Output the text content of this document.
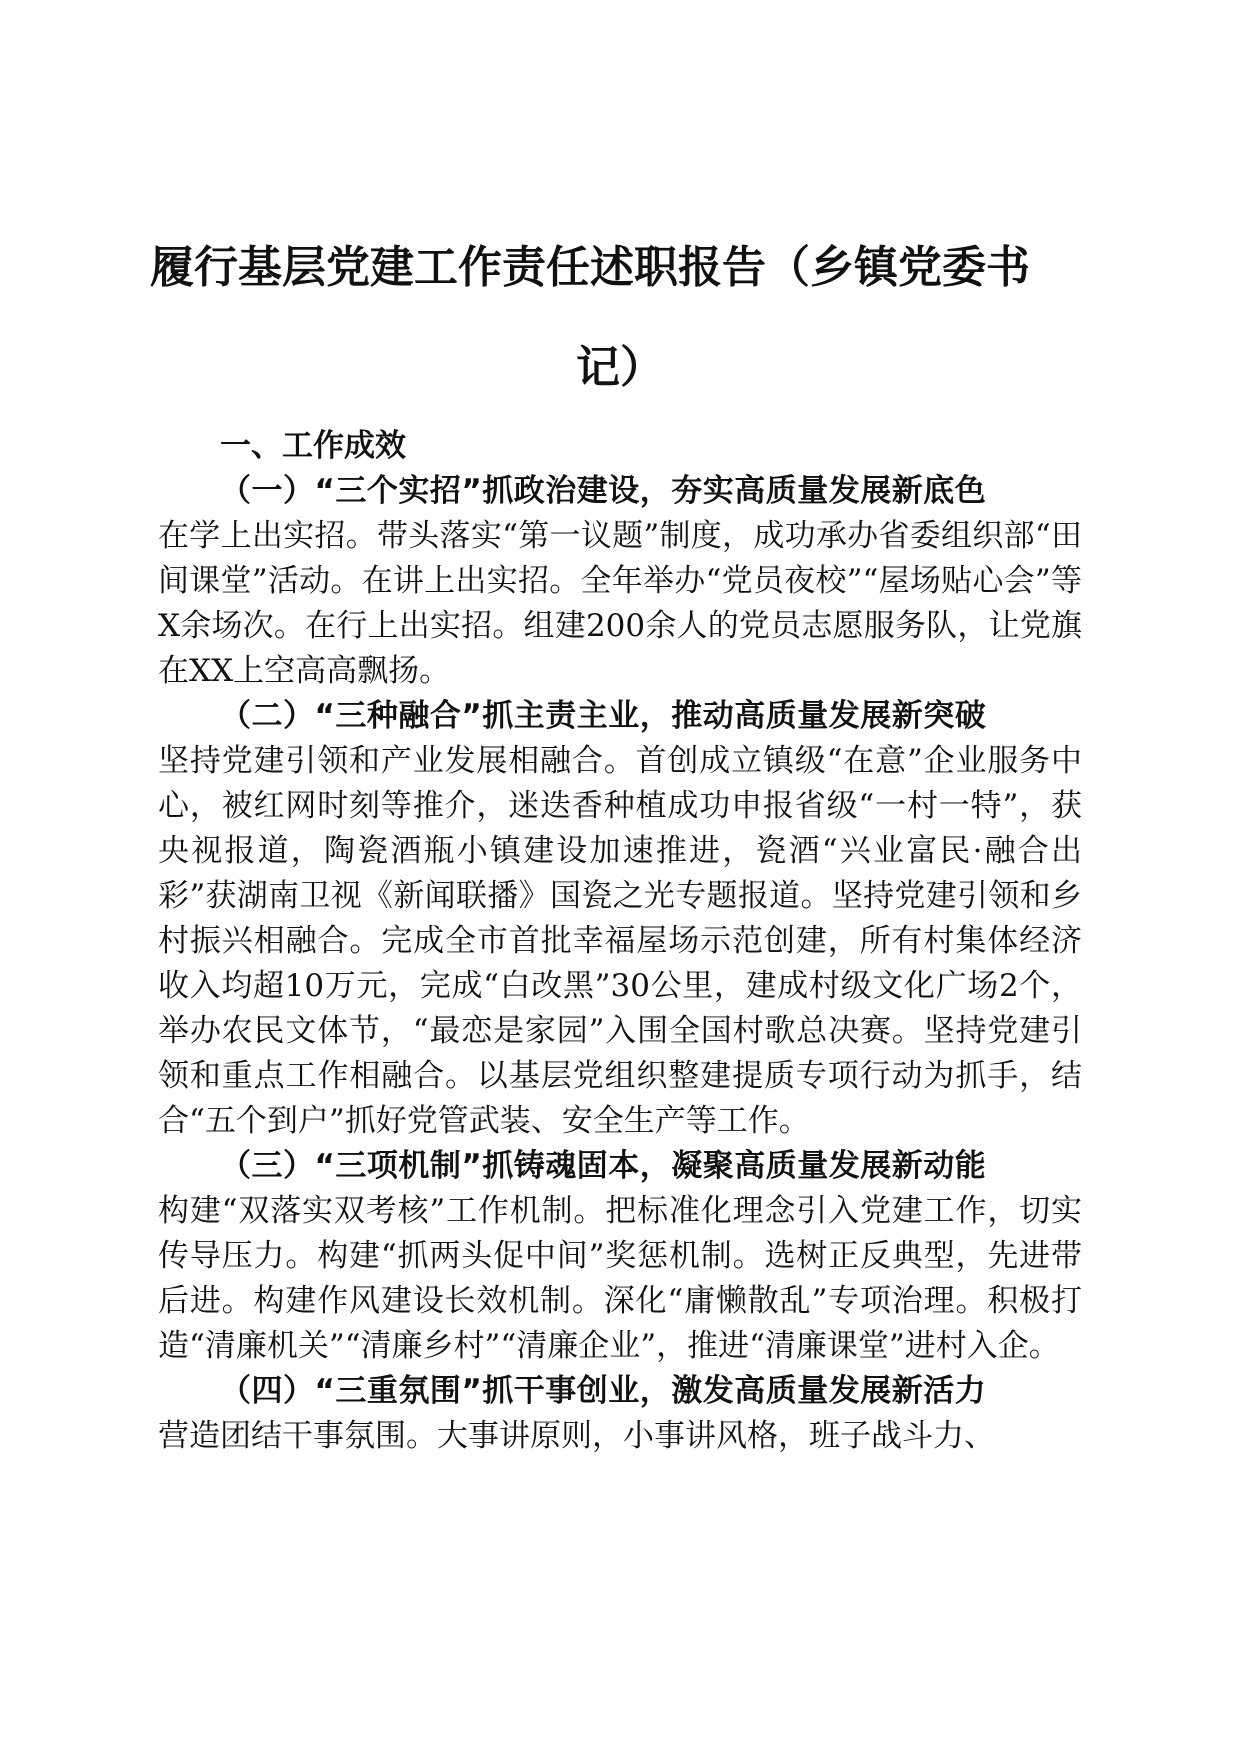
履行基层党建工作责任述职报告（乡镇党委书
记）

一、工作成效

（一）“三个实招”抓政治建设，夯实高质量发展新底色

在学上出实招。带头落实“第一议题”制度，成功承办省委组织部“田间课堂”活动。在讲上出实招。全年举办“党员夜校”“屋场贴心会”等X余场次。在行上出实招。组建200余人的党员志愿服务队，让党旗在XX上空高高飘扬。

（二）“三种融合”抓主责主业，推动高质量发展新突破

坚持党建引领和产业发展相融合。首创成立镇级“在意”企业服务中心，被红网时刻等推介，迷迭香种植成功申报省级“一村一特”，获央视报道，陶瓷酒瓶小镇建设加速推进，瓷酒“兴业富民·融合出彩”获湖南卫视《新闻联播》国瓷之光专题报道。坚持党建引领和乡村振兴相融合。完成全市首批幸福屋场示范创建，所有村集体经济收入均超10万元，完成“白改黑”30公里，建成村级文化广场2个，举办农民文体节，“最恋是家园”入围全国村歌总决赛。坚持党建引领和重点工作相融合。以基层党组织整建提质专项行动为抓手，结合“五个到户”抓好党管武装、安全生产等工作。

（三）“三项机制”抓铸魂固本，凝聚高质量发展新动能

构建“双落实双考核”工作机制。把标准化理念引入党建工作，切实传导压力。构建“抓两头促中间”奖惩机制。选树正反典型，先进带后进。构建作风建设长效机制。深化“庸懒散乱”专项治理。积极打造“清廉机关”“清廉乡村”“清廉企业”，推进“清廉课堂”进村入企。

（四）“三重氛围”抓干事创业，激发高质量发展新活力

营造团结干事氛围。大事讲原则，小事讲风格，班子战斗力、
